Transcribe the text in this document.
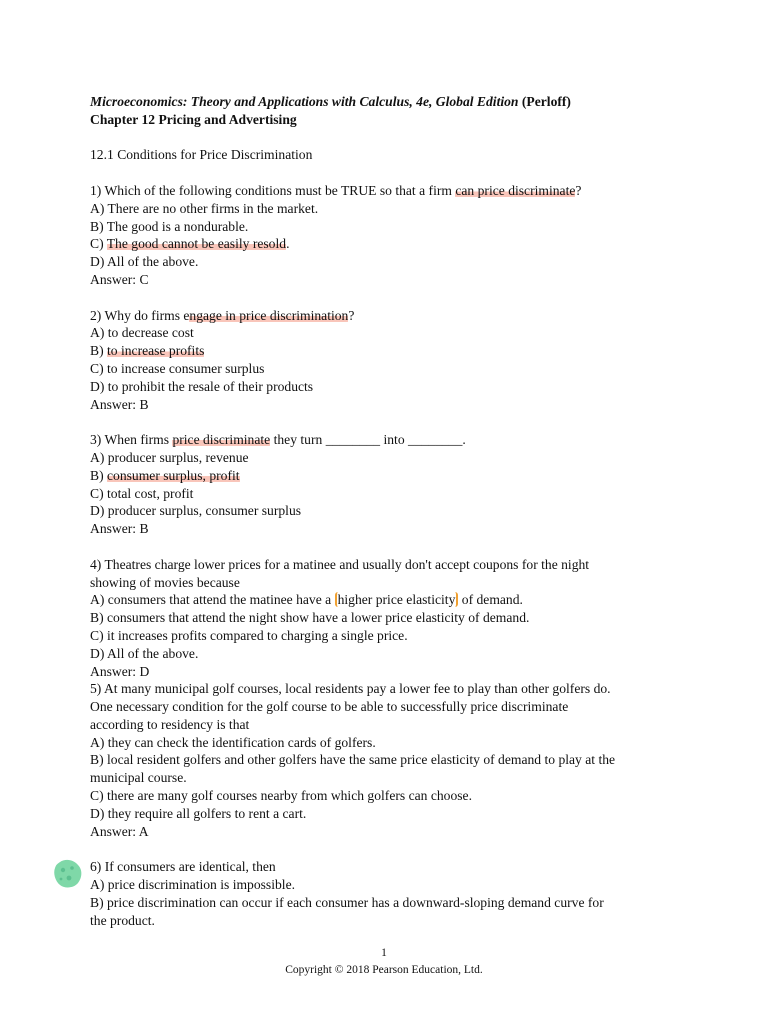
Microeconomics: Theory and Applications with Calculus, 4e, Global Edition (Perloff)
Chapter 12 Pricing and Advertising
12.1 Conditions for Price Discrimination
1) Which of the following conditions must be TRUE so that a firm can price discriminate?
A) There are no other firms in the market.
B) The good is a nondurable.
C) The good cannot be easily resold.
D) All of the above.
Answer: C
2) Why do firms engage in price discrimination?
A) to decrease cost
B) to increase profits
C) to increase consumer surplus
D) to prohibit the resale of their products
Answer: B
3) When firms price discriminate they turn ________ into ________.
A) producer surplus, revenue
B) consumer surplus, profit
C) total cost, profit
D) producer surplus, consumer surplus
Answer: B
4) Theatres charge lower prices for a matinee and usually don't accept coupons for the night
showing of movies because
A) consumers that attend the matinee have a higher price elasticity of demand.
B) consumers that attend the night show have a lower price elasticity of demand.
C) it increases profits compared to charging a single price.
D) All of the above.
Answer: D
5) At many municipal golf courses, local residents pay a lower fee to play than other golfers do.
One necessary condition for the golf course to be able to successfully price discriminate
according to residency is that
A) they can check the identification cards of golfers.
B) local resident golfers and other golfers have the same price elasticity of demand to play at the
municipal course.
C) there are many golf courses nearby from which golfers can choose.
D) they require all golfers to rent a cart.
Answer: A
6) If consumers are identical, then
A) price discrimination is impossible.
B) price discrimination can occur if each consumer has a downward-sloping demand curve for
the product.
1
Copyright © 2018 Pearson Education, Ltd.
